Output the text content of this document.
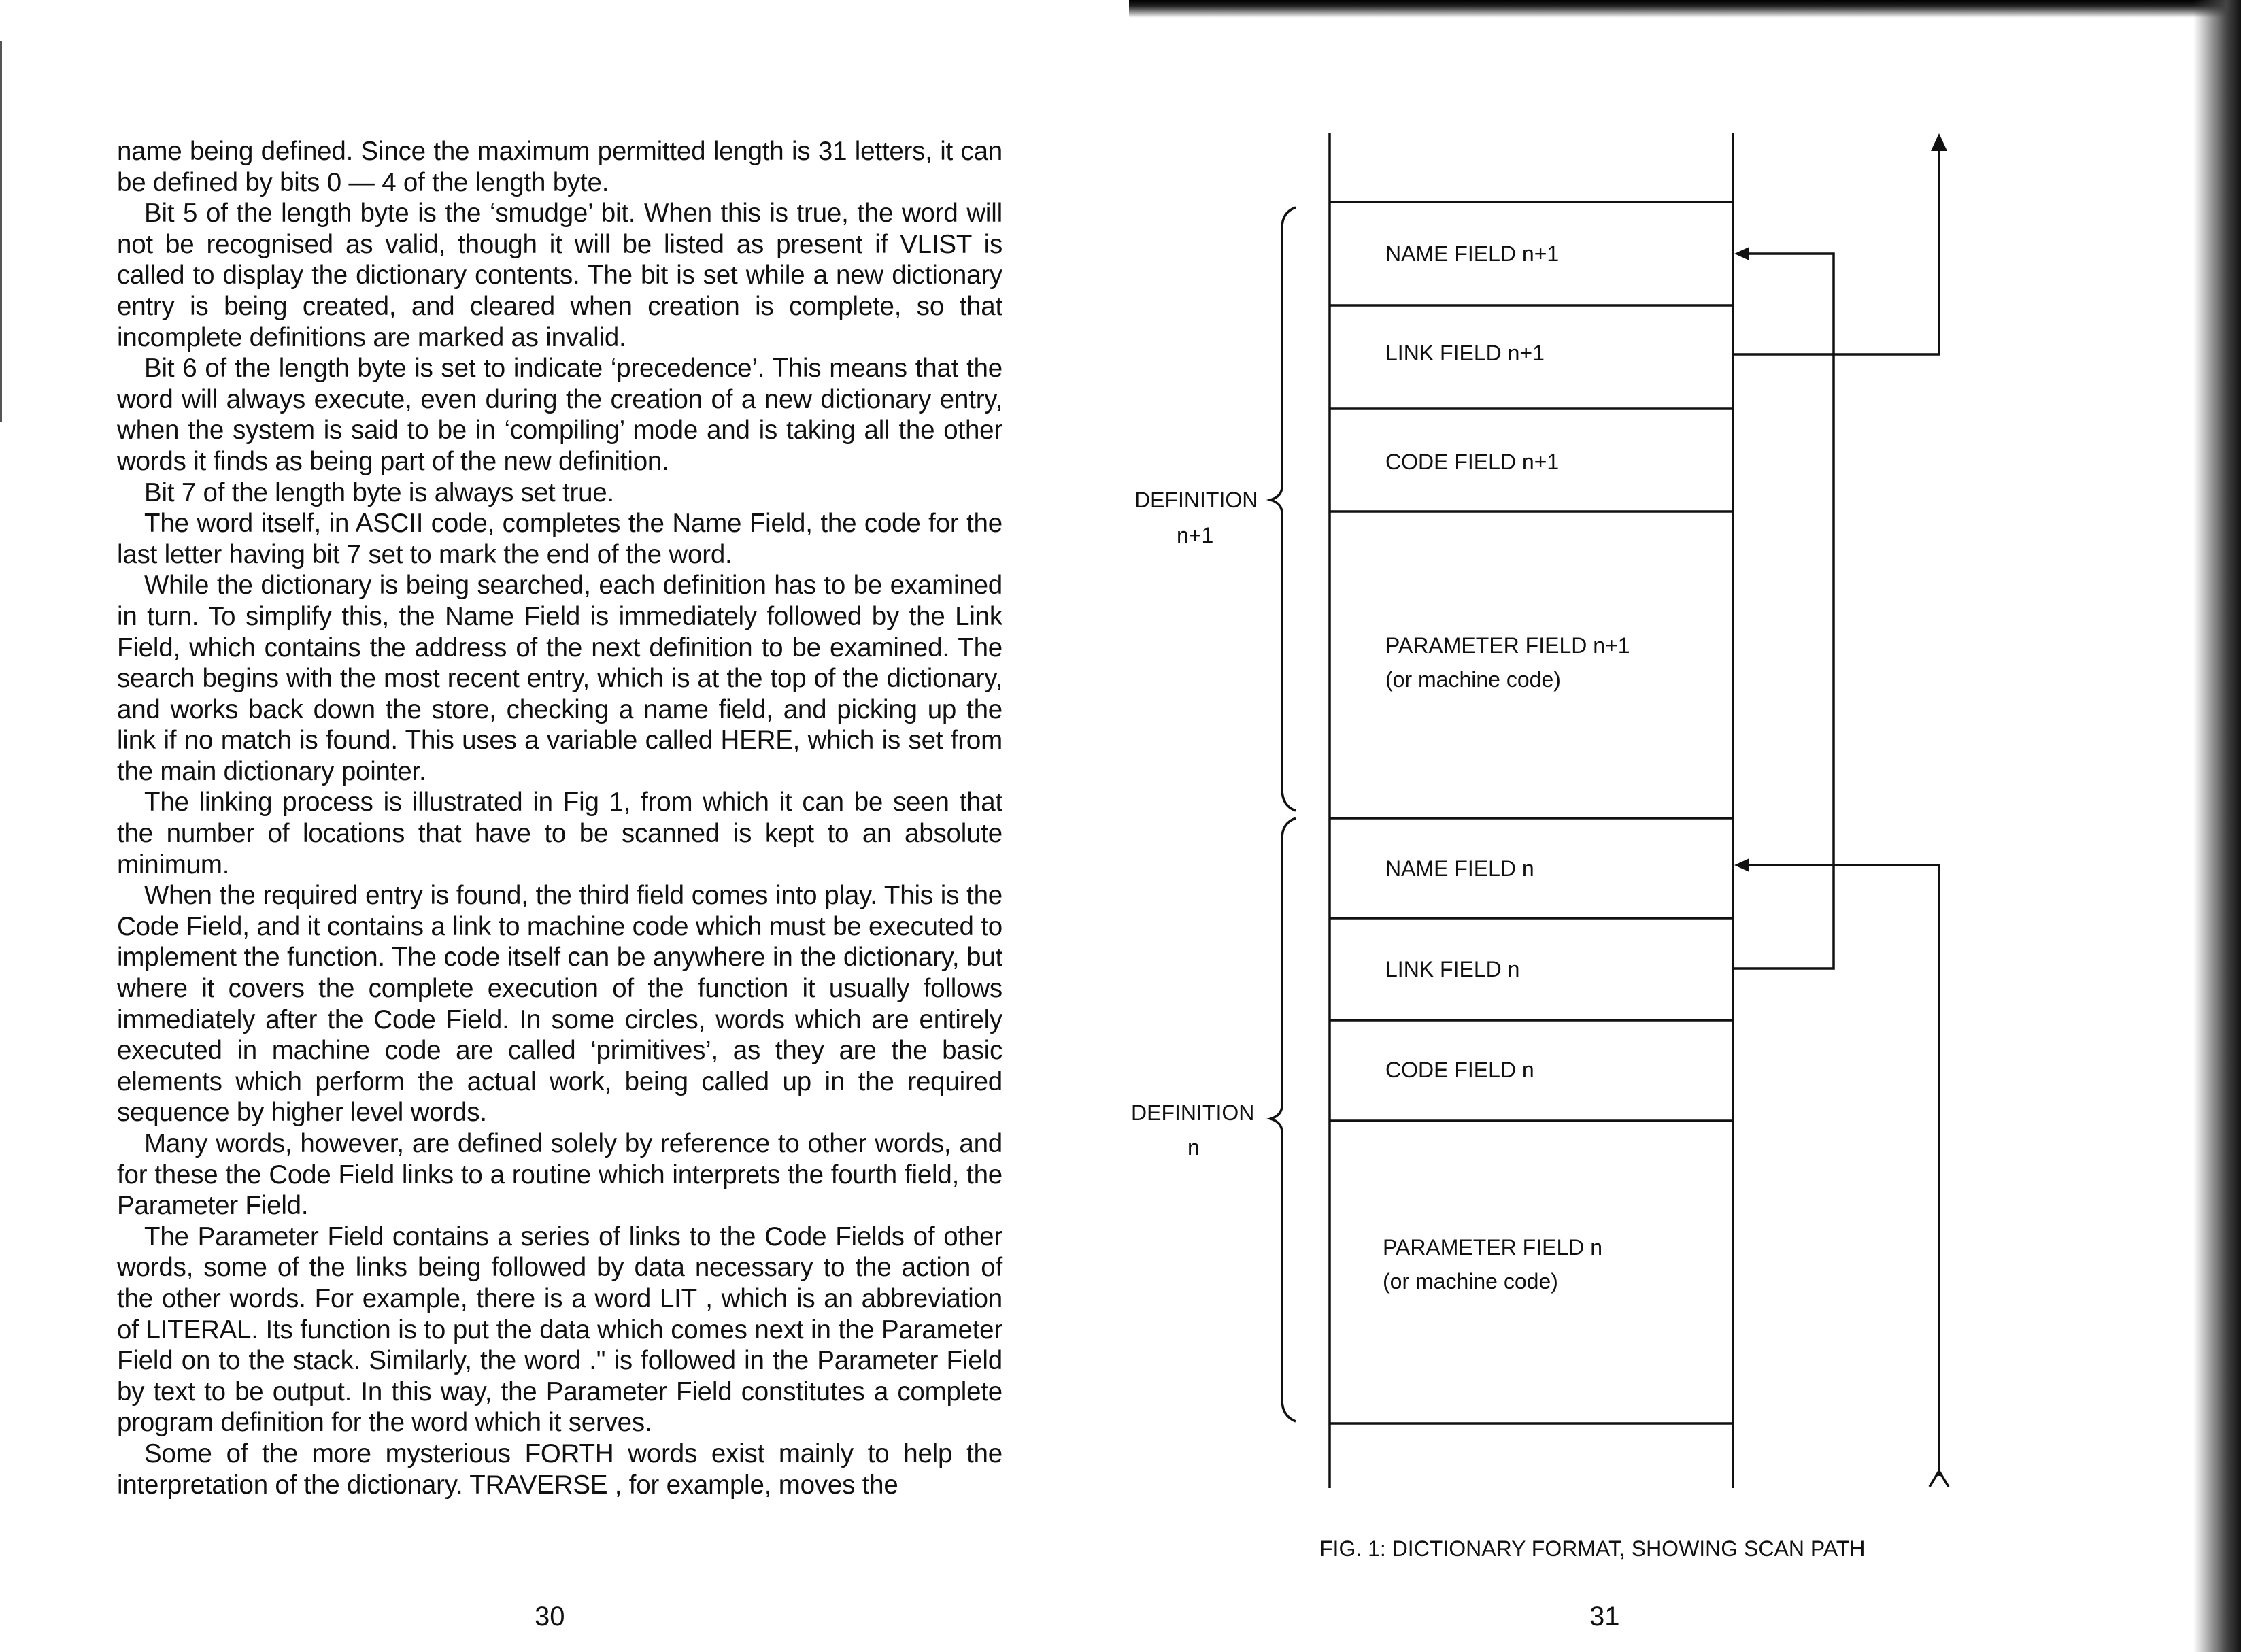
name being defined. Since the maximum permitted length is 31 letters, it can be defined by bits 0 — 4 of the length byte.

Bit 5 of the length byte is the ‘smudge’ bit. When this is true, the word will not be recognised as valid, though it will be listed as present if VLIST is called to display the dictionary contents. The bit is set while a new dictionary entry is being created, and cleared when creation is complete, so that incomplete definitions are marked as invalid.

Bit 6 of the length byte is set to indicate ‘precedence’. This means that the word will always execute, even during the creation of a new dictionary entry, when the system is said to be in ‘compiling’ mode and is taking all the other words it finds as being part of the new definition.

Bit 7 of the length byte is always set true.

The word itself, in ASCII code, completes the Name Field, the code for the last letter having bit 7 set to mark the end of the word.

While the dictionary is being searched, each definition has to be examined in turn. To simplify this, the Name Field is immediately followed by the Link Field, which contains the address of the next definition to be examined. The search begins with the most recent entry, which is at the top of the dictionary, and works back down the store, checking a name field, and picking up the link if no match is found. This uses a variable called HERE, which is set from the main dictionary pointer.

The linking process is illustrated in Fig 1, from which it can be seen that the number of locations that have to be scanned is kept to an absolute minimum.

When the required entry is found, the third field comes into play. This is the Code Field, and it contains a link to machine code which must be executed to implement the function. The code itself can be anywhere in the dictionary, but where it covers the complete execution of the function it usually follows immediately after the Code Field. In some circles, words which are entirely executed in machine code are called ‘primitives’, as they are the basic elements which perform the actual work, being called up in the required sequence by higher level words.

Many words, however, are defined solely by reference to other words, and for these the Code Field links to a routine which interprets the fourth field, the Parameter Field.

The Parameter Field contains a series of links to the Code Fields of other words, some of the links being followed by data necessary to the action of the other words. For example, there is a word LIT , which is an abbreviation of LITERAL. Its function is to put the data which comes next in the Parameter Field on to the stack. Similarly, the word ." is followed in the Parameter Field by text to be output. In this way, the Parameter Field constitutes a complete program definition for the word which it serves.

Some of the more mysterious FORTH words exist mainly to help the interpretation of the dictionary. TRAVERSE , for example, moves the

30
NAME FIELD n+1
LINK FIELD n+1
CODE FIELD n+1
PARAMETER FIELD n+1
(or machine code)
NAME FIELD n
LINK FIELD n
CODE FIELD n
PARAMETER FIELD n
(or machine code)
DEFINITION
n+1
DEFINITION
n
FIG. 1: DICTIONARY FORMAT, SHOWING SCAN PATH
31
